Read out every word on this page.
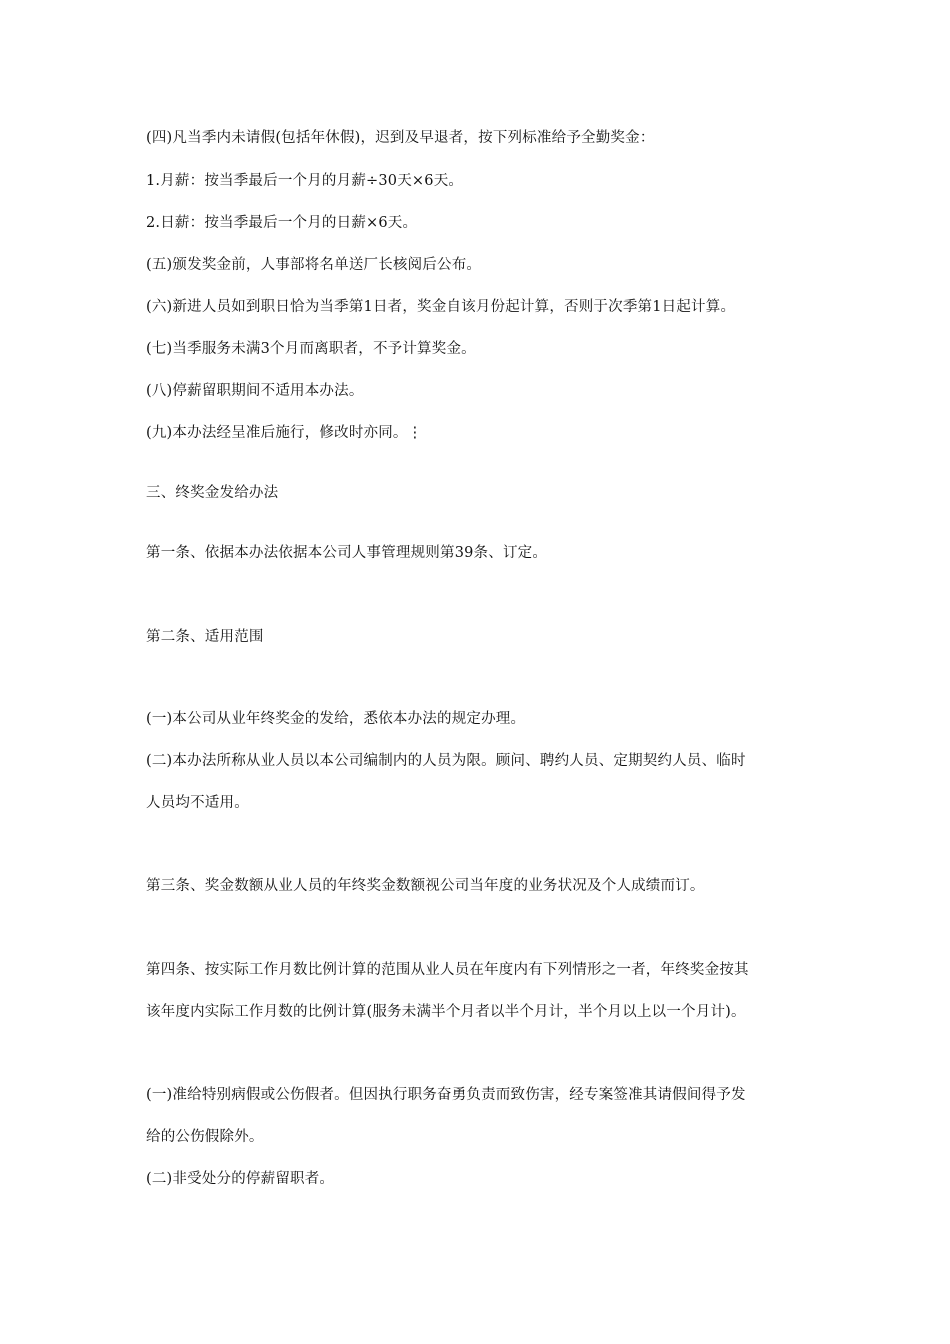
(四)凡当季内未请假(包括年休假)，迟到及早退者，按下列标准给予全勤奖金：
1.月薪：按当季最后一个月的月薪÷30天×6天。
2.日薪：按当季最后一个月的日薪×6天。
(五)颁发奖金前，人事部将名单送厂长核阅后公布。
(六)新进人员如到职日恰为当季第1日者，奖金自该月份起计算，否则于次季第1日起计算。
(七)当季服务未满3个月而离职者，不予计算奖金。
(八)停薪留职期间不适用本办法。
(九)本办法经呈准后施行，修改时亦同。⋮
三、终奖金发给办法
第一条、依据本办法依据本公司人事管理规则第39条、订定。
第二条、适用范围
(一)本公司从业年终奖金的发给，悉依本办法的规定办理。
(二)本办法所称从业人员以本公司编制内的人员为限。顾问、聘约人员、定期契约人员、临时
人员均不适用。
第三条、奖金数额从业人员的年终奖金数额视公司当年度的业务状况及个人成绩而订。
第四条、按实际工作月数比例计算的范围从业人员在年度内有下列情形之一者，年终奖金按其
该年度内实际工作月数的比例计算(服务未满半个月者以半个月计，半个月以上以一个月计)。
(一)准给特别病假或公伤假者。但因执行职务奋勇负责而致伤害，经专案签准其请假间得予发
给的公伤假除外。
(二)非受处分的停薪留职者。
